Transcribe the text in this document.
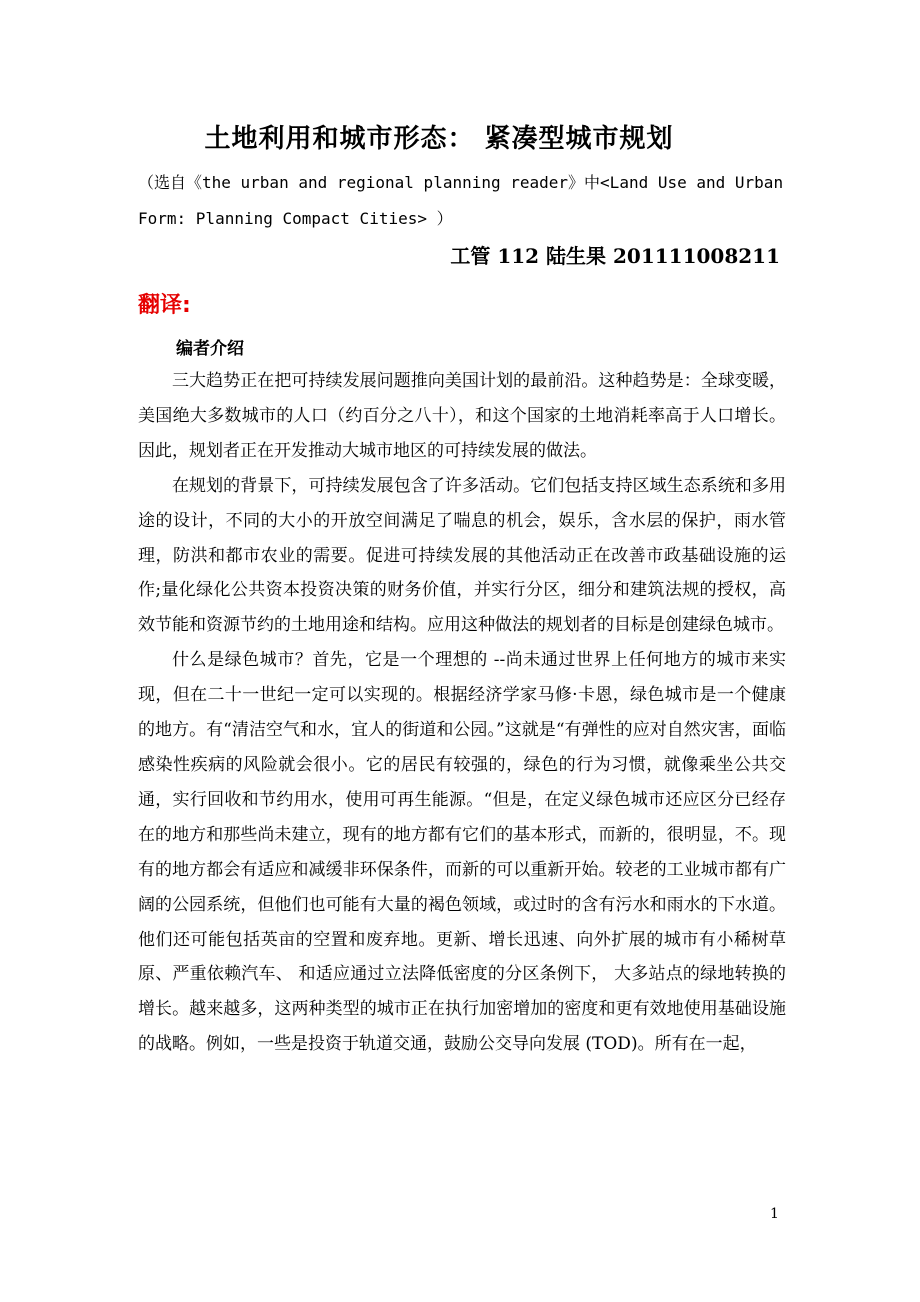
土地利用和城市形态： 紧凑型城市规划

（选自《the urban and regional planning reader》中<Land Use and Urban Form: Planning Compact Cities> ）

工管 112 陆生果 201111008211

翻译:

编者介绍

三大趋势正在把可持续发展问题推向美国计划的最前沿。这种趋势是：全球变暖，美国绝大多数城市的人口（约百分之八十），和这个国家的土地消耗率高于人口增长。因此，规划者正在开发推动大城市地区的可持续发展的做法。

在规划的背景下，可持续发展包含了许多活动。它们包括支持区域生态系统和多用途的设计，不同的大小的开放空间满足了喘息的机会，娱乐，含水层的保护，雨水管理，防洪和都市农业的需要。促进可持续发展的其他活动正在改善市政基础设施的运作;量化绿化公共资本投资决策的财务价值，并实行分区，细分和建筑法规的授权，高效节能和资源节约的土地用途和结构。应用这种做法的规划者的目标是创建绿色城市。

什么是绿色城市？首先，它是一个理想的 --尚未通过世界上任何地方的城市来实现，但在二十一世纪一定可以实现的。根据经济学家马修·卡恩，绿色城市是一个健康的地方。有“清洁空气和水，宜人的街道和公园。”这就是“有弹性的应对自然灾害，面临感染性疾病的风险就会很小。它的居民有较强的，绿色的行为习惯，就像乘坐公共交通，实行回收和节约用水，使用可再生能源。“但是，在定义绿色城市还应区分已经存在的地方和那些尚未建立，现有的地方都有它们的基本形式，而新的，很明显，不。现有的地方都会有适应和减缓非环保条件，而新的可以重新开始。较老的工业城市都有广阔的公园系统，但他们也可能有大量的褐色领域，或过时的含有污水和雨水的下水道。他们还可能包括英亩的空置和废弃地。更新、增长迅速、向外扩展的城市有小稀树草原、严重依赖汽车、 和适应通过立法降低密度的分区条例下， 大多站点的绿地转换的增长。越来越多，这两种类型的城市正在执行加密增加的密度和更有效地使用基础设施的战略。例如，一些是投资于轨道交通，鼓励公交导向发展 (TOD)。所有在一起，

1
